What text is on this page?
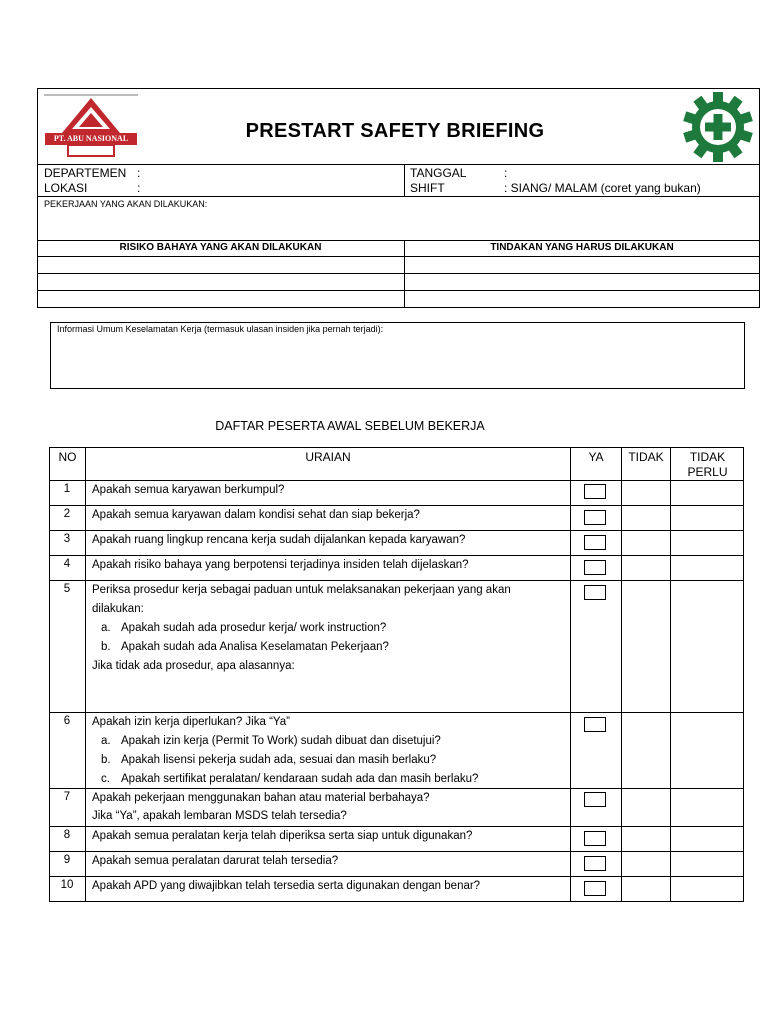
PT. ABU NASIONAL	PRESTART SAFETY BRIEFING
DEPARTEMEN :
LOKASI	:
TANGGAL	:
SHIFT	: SIANG/ MALAM (coret yang bukan)
PEKERJAAN YANG AKAN DILAKUKAN:
RISIKO BAHAYA YANG AKAN DILAKUKAN	TINDAKAN YANG HARUS DILAKUKAN
Informasi Umum Keselamatan Kerja (termasuk ulasan insiden jika pernah terjadi):
DAFTAR PESERTA AWAL SEBELUM BEKERJA
NO	URAIAN	YA	TIDAK	TIDAK
PERLU
1	Apakah semua karyawan berkumpul?
2	Apakah semua karyawan dalam kondisi sehat dan siap bekerja?
3	Apakah ruang lingkup rencana kerja sudah dijalankan kepada karyawan?
4	Apakah risiko bahaya yang berpotensi terjadinya insiden telah dijelaskan?
5	Periksa prosedur kerja sebagai paduan untuk melaksanakan pekerjaan yang akan
dilakukan:
a. Apakah sudah ada prosedur kerja/ work instruction?
b. Apakah sudah ada Analisa Keselamatan Pekerjaan?
Jika tidak ada prosedur, apa alasannya:
6	Apakah izin kerja diperlukan? Jika “Ya”
a. Apakah izin kerja (Permit To Work) sudah dibuat dan disetujui?
b. Apakah lisensi pekerja sudah ada, sesuai dan masih berlaku?
c. Apakah sertifikat peralatan/ kendaraan sudah ada dan masih berlaku?
7	Apakah pekerjaan menggunakan bahan atau material berbahaya?
Jika “Ya”, apakah lembaran MSDS telah tersedia?
8	Apakah semua peralatan kerja telah diperiksa serta siap untuk digunakan?
9	Apakah semua peralatan darurat telah tersedia?
10	Apakah APD yang diwajibkan telah tersedia serta digunakan dengan benar?
